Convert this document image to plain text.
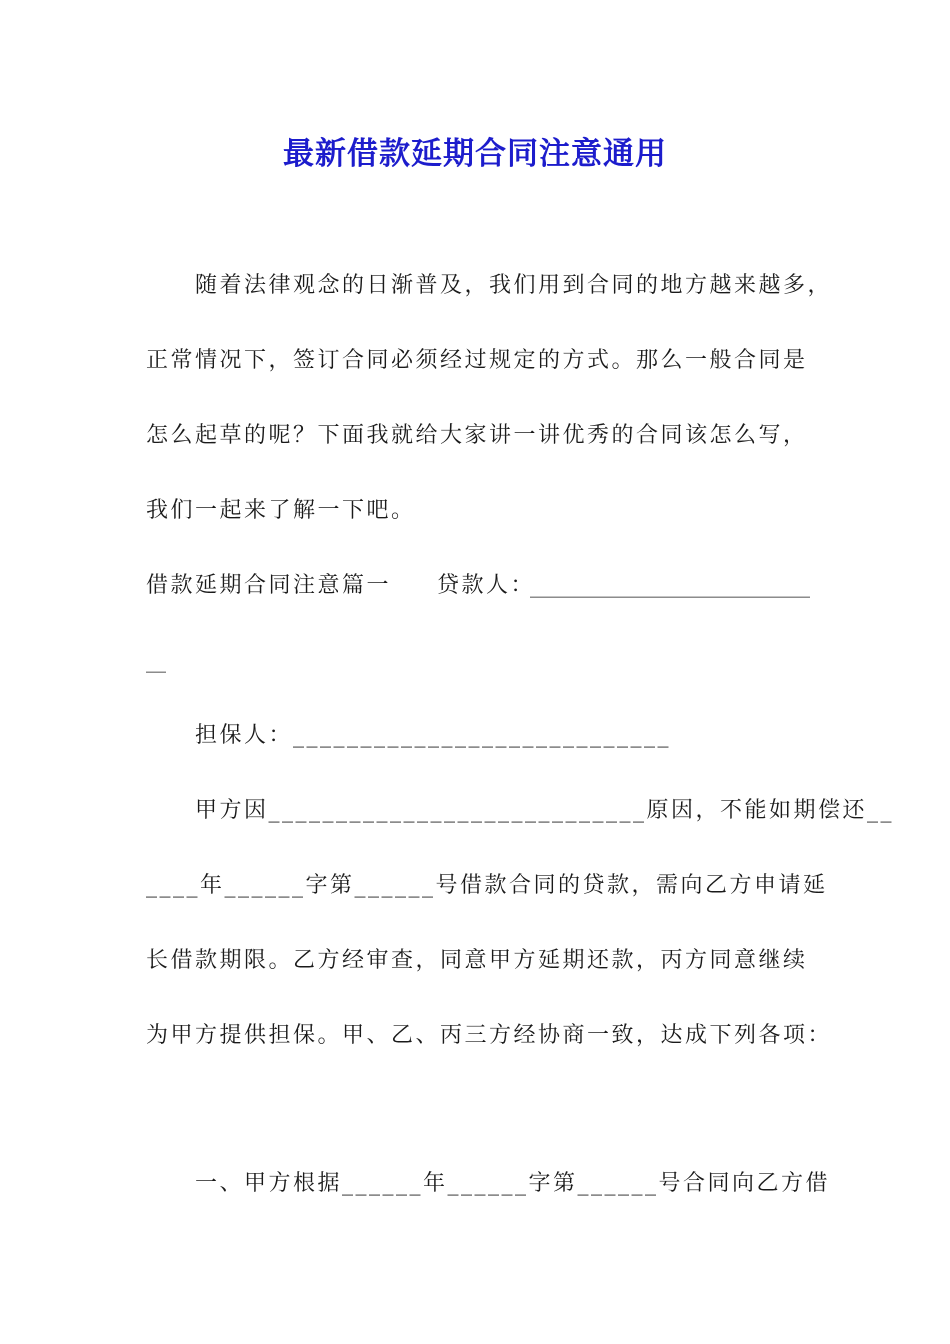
最新借款延期合同注意通用
随着法律观念的日渐普及，我们用到合同的地方越来越多，
正常情况下，签订合同必须经过规定的方式。那么一般合同是
怎么起草的呢？下面我就给大家讲一讲优秀的合同该怎么写，
我们一起来了解一下吧。
借款延期合同注意篇一 贷款人：
____________________________
__
担保人：____________________________
甲方因____________________________原因，不能如期偿还__
____年______字第______号借款合同的贷款，需向乙方申请延
长借款期限。乙方经审查，同意甲方延期还款，丙方同意继续
为甲方提供担保。甲、乙、丙三方经协商一致，达成下列各项：
一、甲方根据______年______字第______号合同向乙方借
